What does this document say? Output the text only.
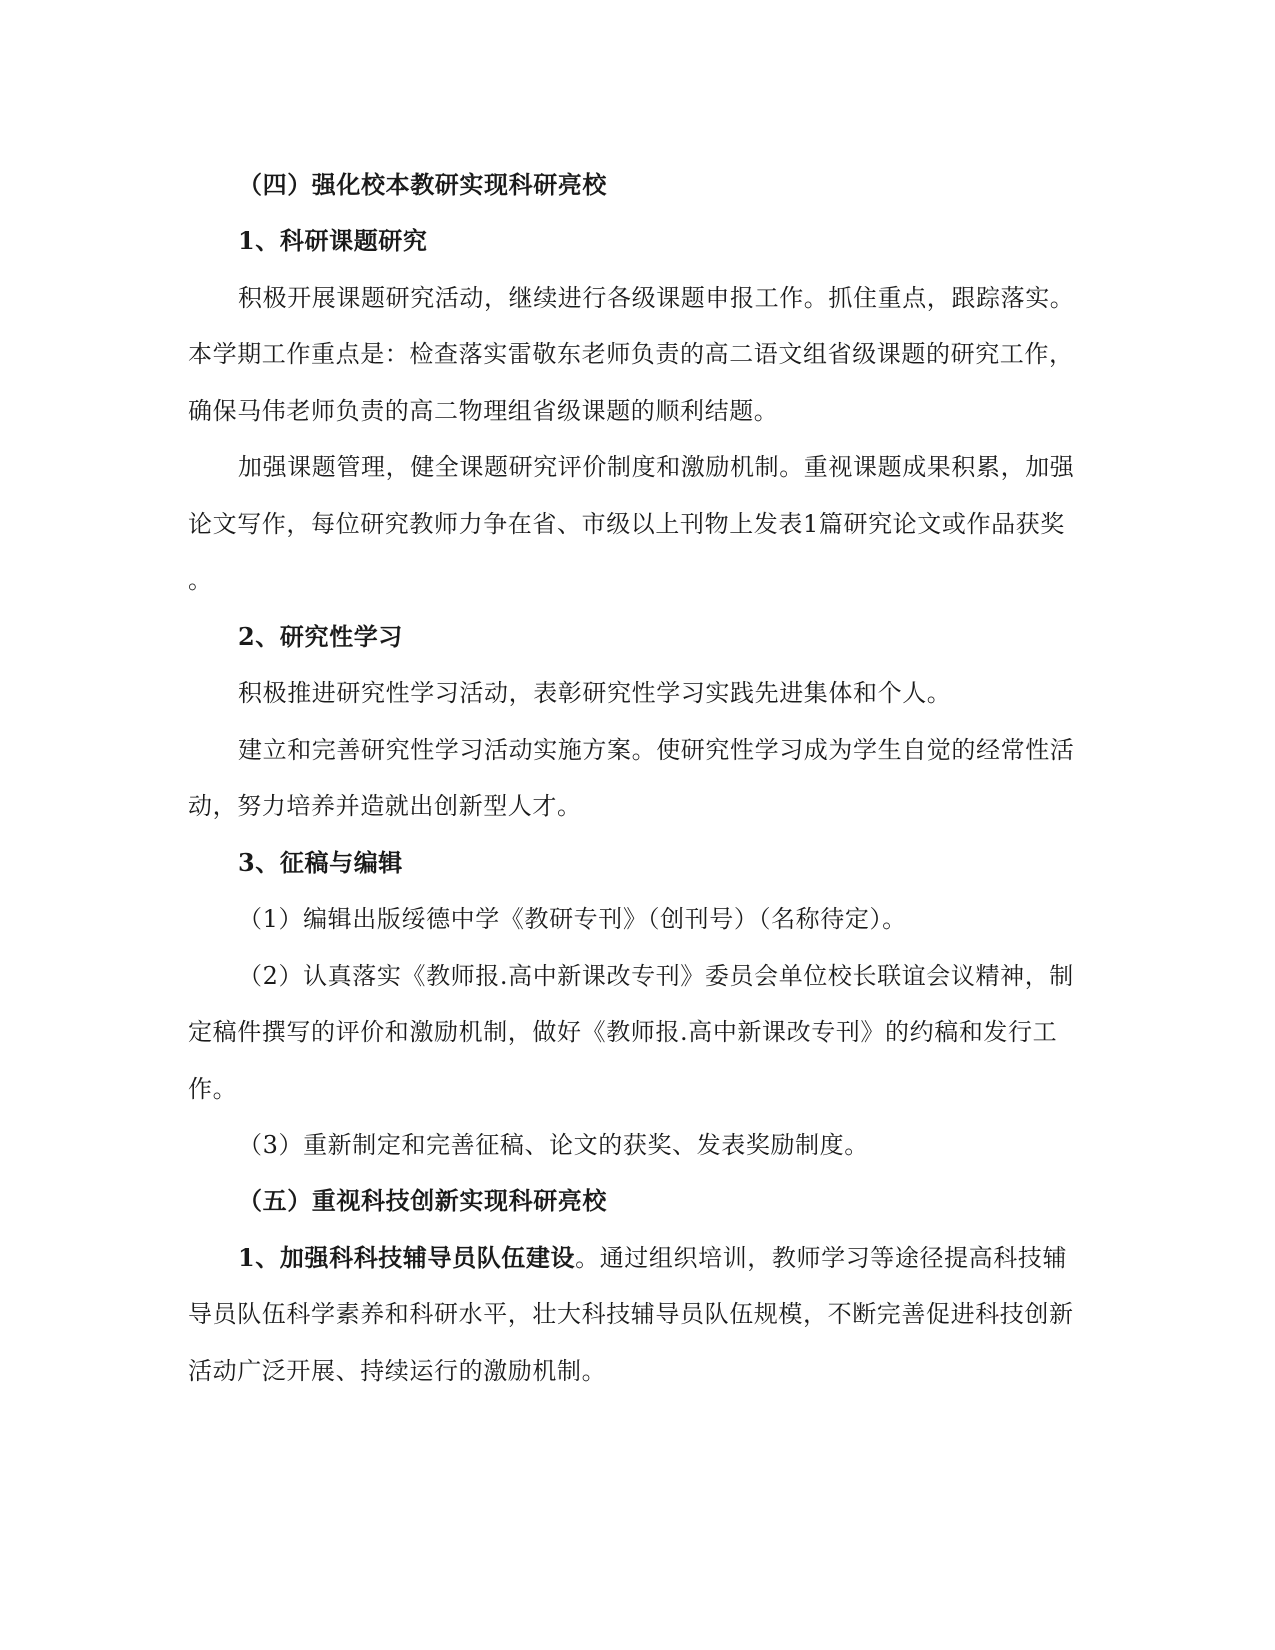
（四）强化校本教研实现科研亮校
1、科研课题研究
积极开展课题研究活动，继续进行各级课题申报工作。抓住重点，跟踪落实。
本学期工作重点是：检查落实雷敬东老师负责的高二语文组省级课题的研究工作，
确保马伟老师负责的高二物理组省级课题的顺利结题。
加强课题管理，健全课题研究评价制度和激励机制。重视课题成果积累，加强
论文写作，每位研究教师力争在省、市级以上刊物上发表1篇研究论文或作品获奖
。
2、研究性学习
积极推进研究性学习活动，表彰研究性学习实践先进集体和个人。
建立和完善研究性学习活动实施方案。使研究性学习成为学生自觉的经常性活
动，努力培养并造就出创新型人才。
3、征稿与编辑
（1）编辑出版绥德中学《教研专刊》（创刊号）（名称待定）。
（2）认真落实《教师报.高中新课改专刊》委员会单位校长联谊会议精神，制
定稿件撰写的评价和激励机制，做好《教师报.高中新课改专刊》的约稿和发行工
作。
（3）重新制定和完善征稿、论文的获奖、发表奖励制度。
（五）重视科技创新实现科研亮校
1、加强科科技辅导员队伍建设。通过组织培训，教师学习等途径提高科技辅
导员队伍科学素养和科研水平，壮大科技辅导员队伍规模，不断完善促进科技创新
活动广泛开展、持续运行的激励机制。
